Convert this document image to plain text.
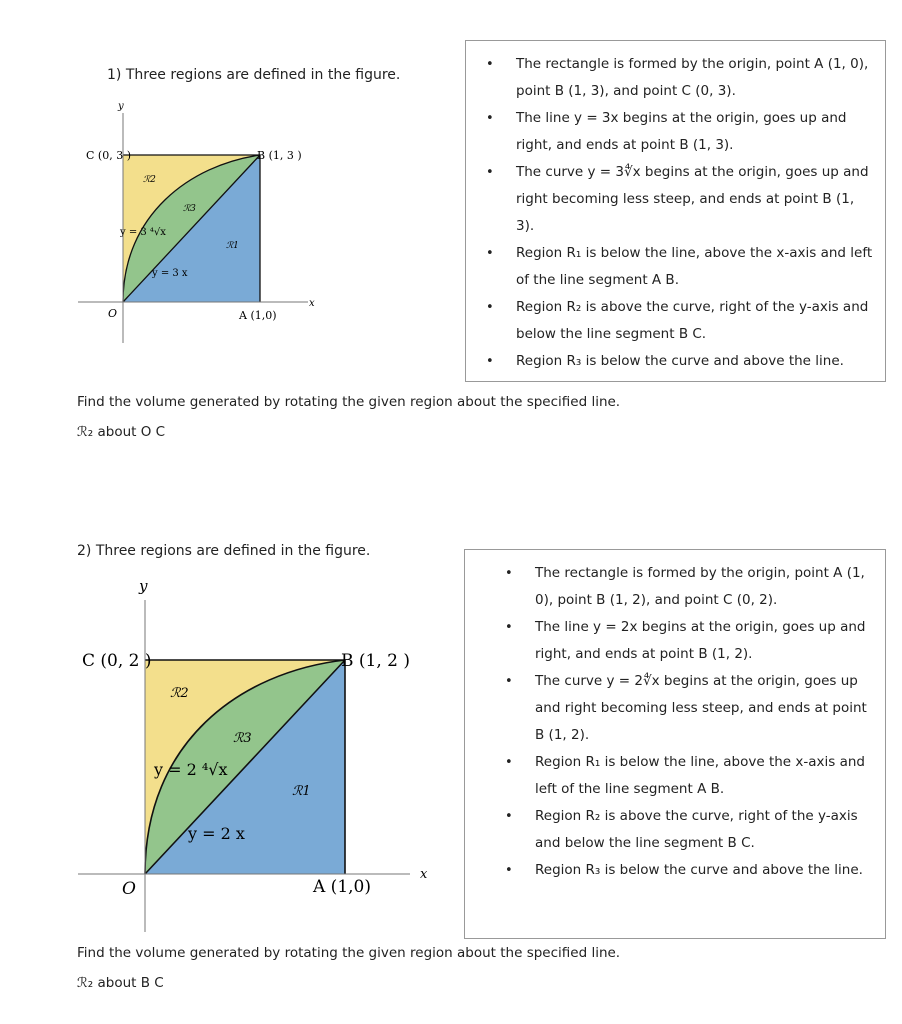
1) Three regions are defined in the figure.
y
x
C (0, 3 )	B (1, 3 )
A (1,0)
O
ℛ2
ℛ3
ℛ1
y = 3 ⁴√x
y = 3 x
• The rectangle is formed by the origin, point A (1, 0), point B (1, 3), and point C (0, 3).
• The line y = 3x begins at the origin, goes up and right, and ends at point B (1, 3).
• The curve y = 3∜x begins at the origin, goes up and right becoming less steep, and ends at point B (1, 3).
• Region R₁ is below the line, above the x-axis and left of the line segment A B.
• Region R₂ is above the curve, right of the y-axis and below the line segment B C.
• Region R₃ is below the curve and above the line.
Find the volume generated by rotating the given region about the specified line.
ℛ₂ about O C
2) Three regions are defined in the figure.
y
x
C (0, 2 )	B (1, 2 )
A (1,0)
O
ℛ2
ℛ3
ℛ1
y = 2 ⁴√x
y = 2 x
• The rectangle is formed by the origin, point A (1, 0), point B (1, 2), and point C (0, 2).
• The line y = 2x begins at the origin, goes up and right, and ends at point B (1, 2).
• The curve y = 2∜x begins at the origin, goes up and right becoming less steep, and ends at point B (1, 2).
• Region R₁ is below the line, above the x-axis and left of the line segment A B.
• Region R₂ is above the curve, right of the y-axis and below the line segment B C.
• Region R₃ is below the curve and above the line.
Find the volume generated by rotating the given region about the specified line.
ℛ₂ about B C
